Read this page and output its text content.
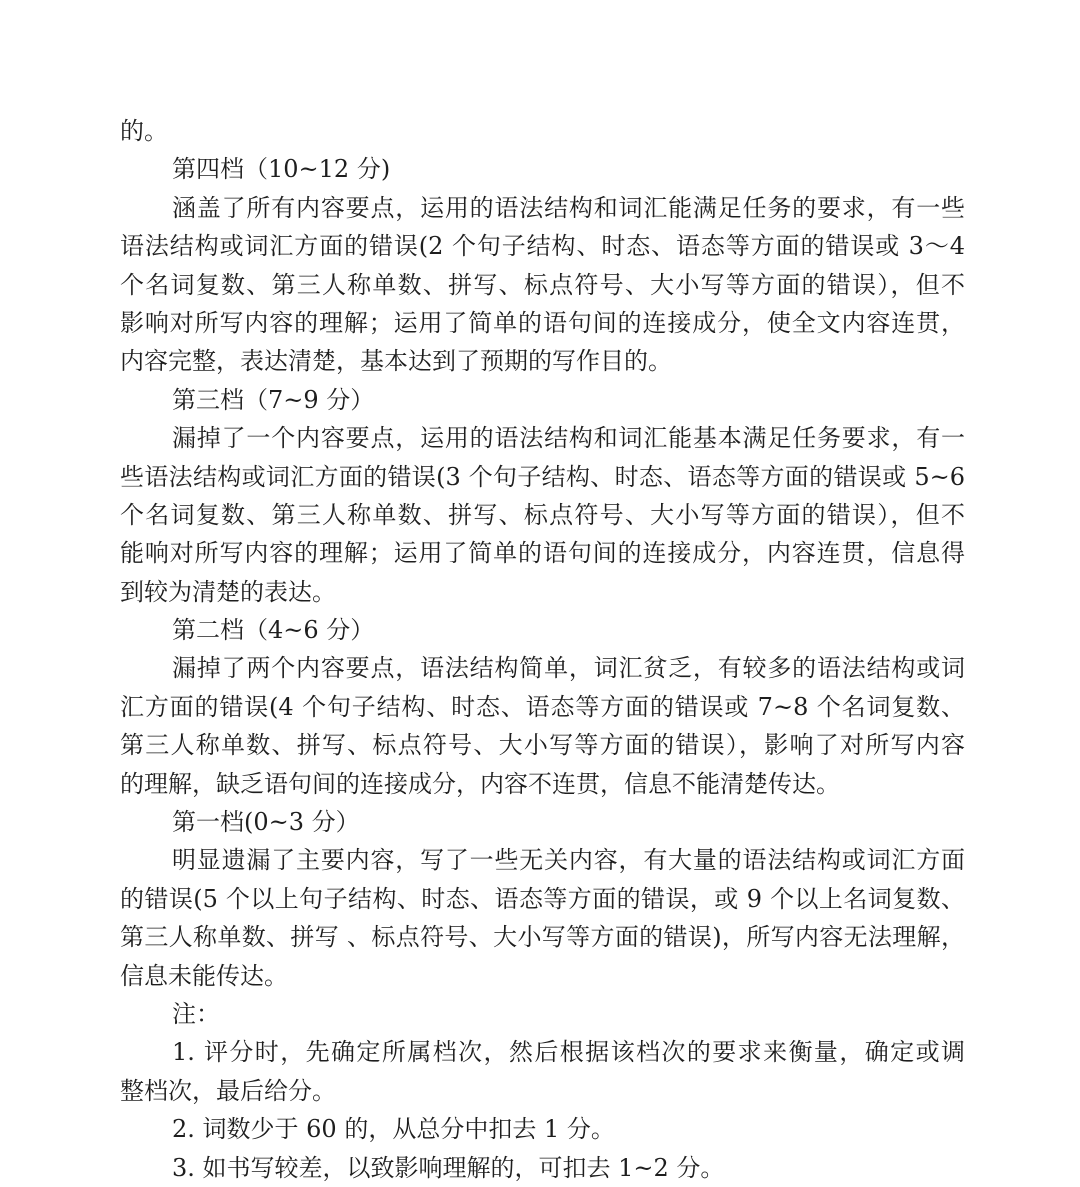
的。
第四档（10~12 分)
涵盖了所有内容要点，运用的语法结构和词汇能满足任务的要求，有一些
语法结构或词汇方面的错误(2 个句子结构、时态、语态等方面的错误或 3～4
个名词复数、第三人称单数、拼写、标点符号、大小写等方面的错误），但不
影响对所写内容的理解；运用了简单的语句间的连接成分，使全文内容连贯，
内容完整，表达清楚，基本达到了预期的写作目的。
第三档（7~9 分）
漏掉了一个内容要点，运用的语法结构和词汇能基本满足任务要求，有一
些语法结构或词汇方面的错误(3 个句子结构、时态、语态等方面的错误或 5~6
个名词复数、第三人称单数、拼写、标点符号、大小写等方面的错误），但不
能响对所写内容的理解；运用了简单的语句间的连接成分，内容连贯，信息得
到较为清楚的表达。
第二档（4~6 分）
漏掉了两个内容要点，语法结构简单，词汇贫乏，有较多的语法结构或词
汇方面的错误(4 个句子结构、时态、语态等方面的错误或 7~8 个名词复数、
第三人称单数、拼写、标点符号、大小写等方面的错误），影响了对所写内容
的理解，缺乏语句间的连接成分，内容不连贯，信息不能清楚传达。
第一档(0~3 分）
明显遗漏了主要内容，写了一些无关内容，有大量的语法结构或词汇方面
的错误(5 个以上句子结构、时态、语态等方面的错误，或 9 个以上名词复数、
第三人称单数、拼写 、标点符号、大小写等方面的错误)，所写内容无法理解，
信息未能传达。
注：
1. 评分时，先确定所属档次，然后根据该档次的要求来衡量，确定或调
整档次，最后给分。
2. 词数少于 60 的，从总分中扣去 1 分。
3. 如书写较差，以致影响理解的，可扣去 1~2 分。
